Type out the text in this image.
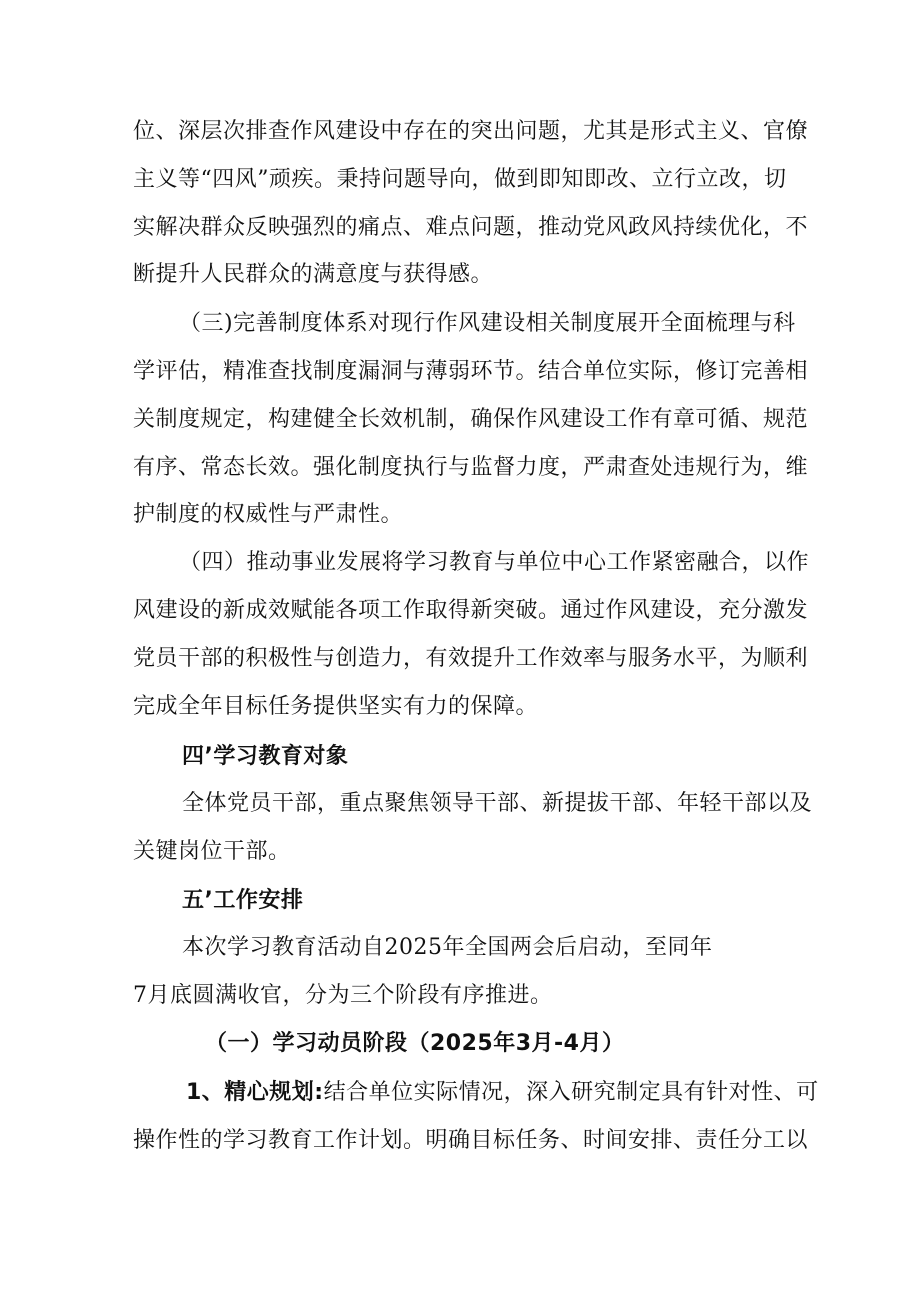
位、深层次排查作风建设中存在的突出问题，尤其是形式主义、官僚
主义等“四风”顽疾。秉持问题导向，做到即知即改、立行立改，切
实解决群众反映强烈的痛点、难点问题，推动党风政风持续优化，不
断提升人民群众的满意度与获得感。
（三)完善制度体系对现行作风建设相关制度展开全面梳理与科
学评估，精准查找制度漏洞与薄弱环节。结合单位实际，修订完善相
关制度规定，构建健全长效机制，确保作风建设工作有章可循、规范
有序、常态长效。强化制度执行与监督力度，严肃查处违规行为，维
护制度的权威性与严肃性。
（四）推动事业发展将学习教育与单位中心工作紧密融合，以作
风建设的新成效赋能各项工作取得新突破。通过作风建设，充分激发
党员干部的积极性与创造力，有效提升工作效率与服务水平，为顺利
完成全年目标任务提供坚实有力的保障。
四’学习教育对象
全体党员干部，重点聚焦领导干部、新提拔干部、年轻干部以及
关键岗位干部。
五’工作安排
本次学习教育活动自2025年全国两会后启动，至同年
7月底圆满收官，分为三个阶段有序推进。
（一）学习动员阶段（2025年3月-4月）
1、精心规划:结合单位实际情况，深入研究制定具有针对性、可
操作性的学习教育工作计划。明确目标任务、时间安排、责任分工以
